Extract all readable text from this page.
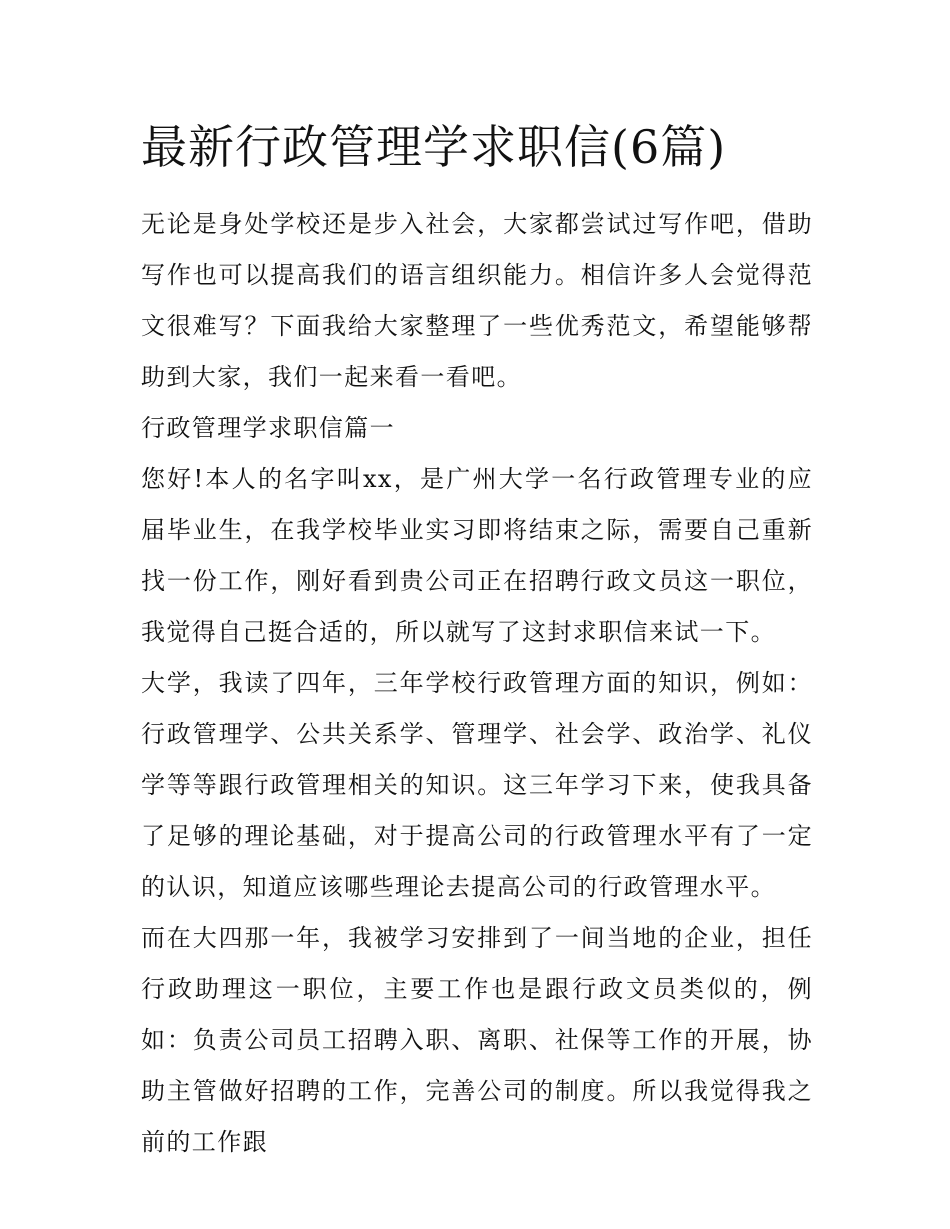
最新行政管理学求职信(6篇)

无论是身处学校还是步入社会，大家都尝试过写作吧，借助写作也可以提高我们的语言组织能力。相信许多人会觉得范文很难写？下面我给大家整理了一些优秀范文，希望能够帮助到大家，我们一起来看一看吧。

行政管理学求职信篇一

您好!本人的名字叫xx，是广州大学一名行政管理专业的应届毕业生，在我学校毕业实习即将结束之际，需要自己重新找一份工作，刚好看到贵公司正在招聘行政文员这一职位，我觉得自己挺合适的，所以就写了这封求职信来试一下。

大学，我读了四年，三年学校行政管理方面的知识，例如：行政管理学、公共关系学、管理学、社会学、政治学、礼仪学等等跟行政管理相关的知识。这三年学习下来，使我具备了足够的理论基础，对于提高公司的行政管理水平有了一定的认识，知道应该哪些理论去提高公司的行政管理水平。

而在大四那一年，我被学习安排到了一间当地的企业，担任行政助理这一职位，主要工作也是跟行政文员类似的，例如：负责公司员工招聘入职、离职、社保等工作的开展，协助主管做好招聘的工作，完善公司的制度。所以我觉得我之前的工作跟
